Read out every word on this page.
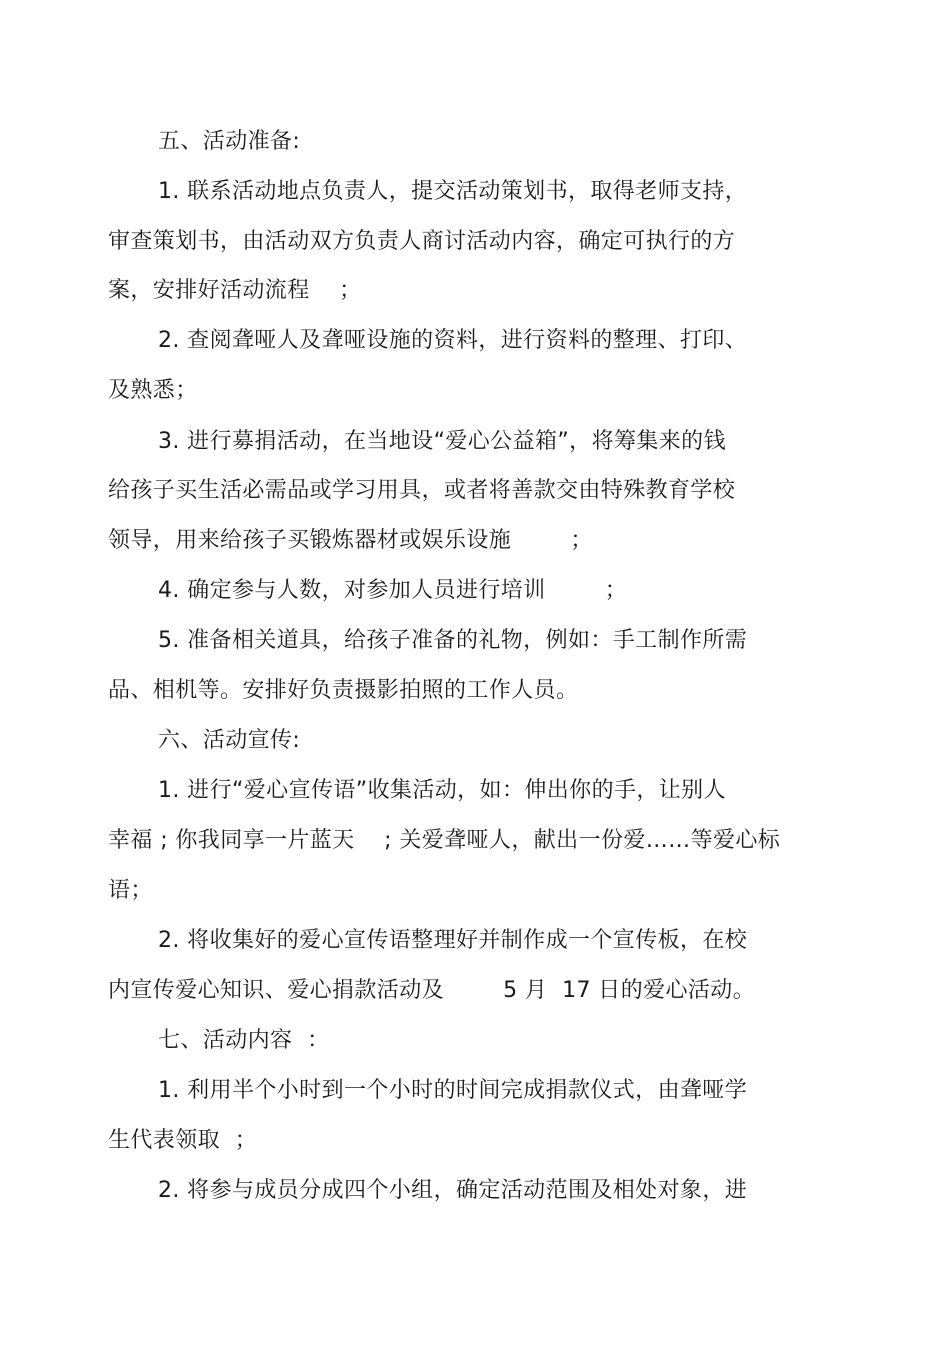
五、活动准备:
1. 联系活动地点负责人，提交活动策划书，取得老师支持，
审查策划书，由活动双方负责人商讨活动内容，确定可执行的方
案，安排好活动流程    ；
2. 查阅聋哑人及聋哑设施的资料，进行资料的整理、打印、
及熟悉；
3. 进行募捐活动，在当地设“爱心公益箱”，将筹集来的钱
给孩子买生活必需品或学习用具，或者将善款交由特殊教育学校
领导，用来给孩子买锻炼器材或娱乐设施        ；
4. 确定参与人数，对参加人员进行培训        ；
5. 准备相关道具，给孩子准备的礼物，例如：手工制作所需
品、相机等。安排好负责摄影拍照的工作人员。
六、活动宣传:
1. 进行“爱心宣传语”收集活动，如：伸出你的手，让别人
幸福 ; 你我同享一片蓝天    ; 关爱聋哑人，献出一份爱……等爱心标
语；
2. 将收集好的爱心宣传语整理好并制作成一个宣传板，在校
内宣传爱心知识、爱心捐款活动及        5 月  17 日的爱心活动。
七、活动内容  ：
1. 利用半个小时到一个小时的时间完成捐款仪式，由聋哑学
生代表领取  ；
2. 将参与成员分成四个小组，确定活动范围及相处对象，进
